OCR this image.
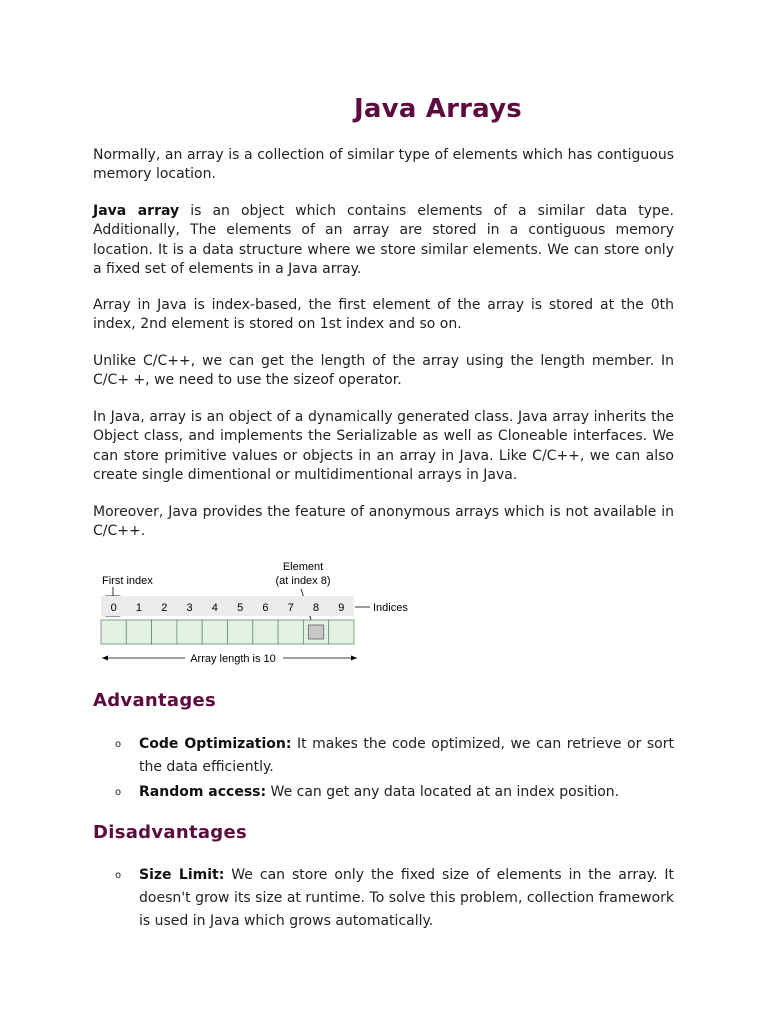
Java Arrays

Normally, an array is a collection of similar type of elements which has contiguous memory location.

Java array is an object which contains elements of a similar data type. Additionally, The elements of an array are stored in a contiguous memory location. It is a data structure where we store similar elements. We can store only a fixed set of elements in a Java array.

Array in Java is index-based, the first element of the array is stored at the 0th index, 2nd element is stored on 1st index and so on.

Unlike C/C++, we can get the length of the array using the length member. In C/C+ +, we need to use the sizeof operator.

In Java, array is an object of a dynamically generated class. Java array inherits the Object class, and implements the Serializable as well as Cloneable interfaces. We can store primitive values or objects in an array in Java. Like C/C++, we can also create single dimentional or multidimentional arrays in Java.

Moreover, Java provides the feature of anonymous arrays which is not available in C/C++.

First index
Element
(at index 8)
0 1 2 3 4 5 6 7 8 9	Indices
Array length is 10
Advantages
o Code Optimization: It makes the code optimized, we can retrieve or sort the data efficiently.
o Random access: We can get any data located at an index position.
Disadvantages
o Size Limit: We can store only the fixed size of elements in the array. It doesn't grow its size at runtime. To solve this problem, collection framework is used in Java which grows automatically.
